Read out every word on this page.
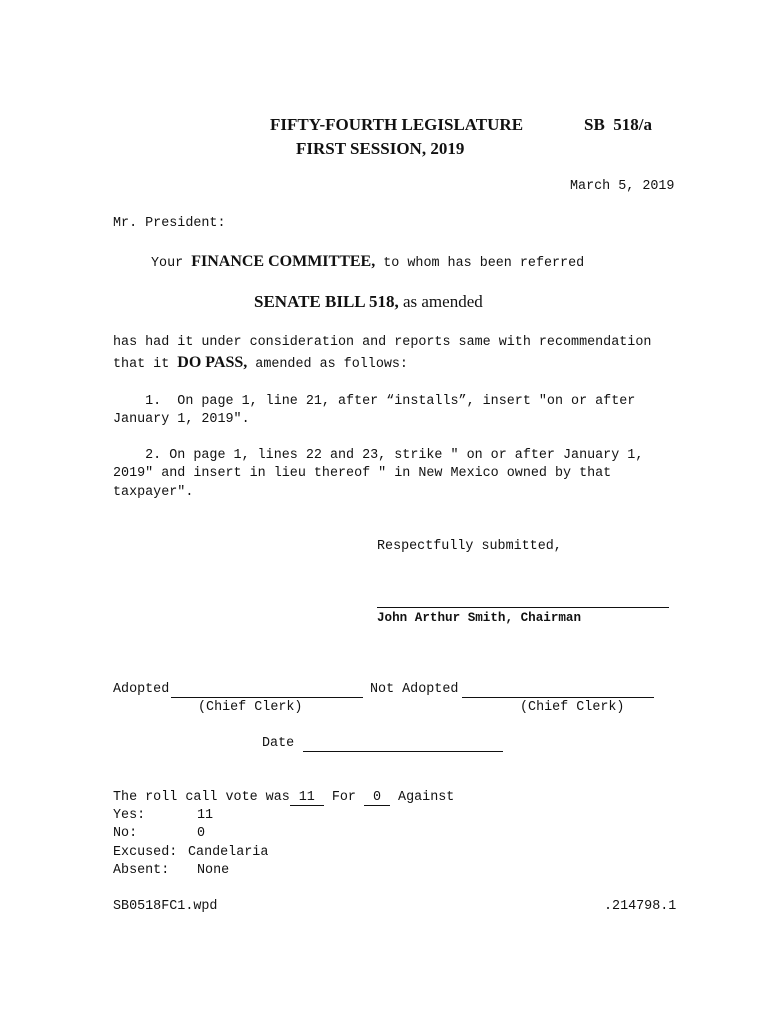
FIFTY-FOURTH LEGISLATURE
FIRST SESSION, 2019
SB  518/a
March 5, 2019
Mr. President:
Your FINANCE COMMITTEE, to whom has been referred
SENATE BILL 518, as amended
has had it under consideration and reports same with recommendation
that it DO PASS, amended as follows:
1.  On page 1, line 21, after “installs”, insert "on or after
January 1, 2019".
2. On page 1, lines 22 and 23, strike " on or after January 1,
2019" and insert in lieu thereof " in New Mexico owned by that
taxpayer".
Respectfully submitted,
John Arthur Smith, Chairman
Adopted	Not Adopted
(Chief Clerk)	(Chief Clerk)
Date
The roll call vote was 11 For 0 Against
Yes:	11
No:	0
Excused: Candelaria
Absent: None
SB0518FC1.wpd	.214798.1
